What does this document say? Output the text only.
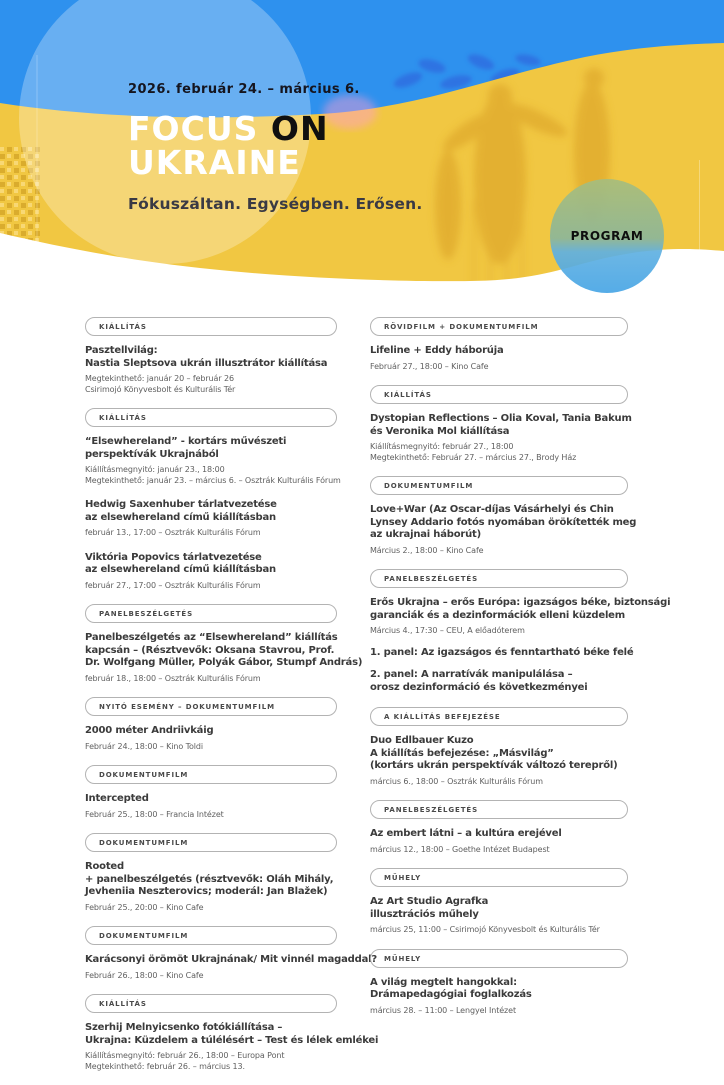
2026. február 24. – március 6.
FOCUS ON
UKRAINE
Fókuszáltan. Egységben. Erősen.
PROGRAM
KIÁLLÍTÁS
Pasztellvilág:
Nastia Sleptsova ukrán illusztrátor kiállítása
Megtekinthető: január 20 – február 26
Csirimojó Könyvesbolt és Kulturális Tér
KIÁLLÍTÁS
“Elsewhereland” - kortárs művészeti
perspektívák Ukrajnából
Kiállításmegnyitó: január 23., 18:00
Megtekinthető: január 23. – március 6. – Osztrák Kulturális Fórum
Hedwig Saxenhuber tárlatvezetése
az elsewhereland című kiállításban
február 13., 17:00 – Osztrák Kulturális Fórum
Viktória Popovics tárlatvezetése
az elsewhereland című kiállításban
február 27., 17:00 – Osztrák Kulturális Fórum
PANELBESZÉLGETÉS
Panelbeszélgetés az “Elsewhereland” kiállítás
kapcsán – (Résztvevők: Oksana Stavrou, Prof.
Dr. Wolfgang Müller, Polyák Gábor, Stumpf András)
február 18., 18:00 – Osztrák Kulturális Fórum
NYITÓ ESEMÉNY – DOKUMENTUMFILM
2000 méter Andriivkáig
Február 24., 18:00 – Kino Toldi
DOKUMENTUMFILM
Intercepted
Február 25., 18:00 – Francia Intézet
DOKUMENTUMFILM
Rooted
+ panelbeszélgetés (résztvevők: Oláh Mihály,
Jevheniia Neszterovics; moderál: Jan Blažek)
Február 25., 20:00 – Kino Cafe
DOKUMENTUMFILM
Karácsonyi örömöt Ukrajnának/ Mit vinnél magaddal?
Február 26., 18:00 – Kino Cafe
KIÁLLÍTÁS
Szerhij Melnyicsenko fotókiállítása –
Ukrajna: Küzdelem a túlélésért – Test és lélek emlékei
Kiállításmegnyitó: február 26., 18:00 – Europa Pont
Megtekinthető: február 26. – március 13.
RÖVIDFILM + DOKUMENTUMFILM
Lifeline + Eddy háborúja
Február 27., 18:00 – Kino Cafe
KIÁLLÍTÁS
Dystopian Reflections – Olia Koval, Tania Bakum
és Veronika Mol kiállítása
Kiállításmegnyitó: február 27., 18:00
Megtekinthető: Február 27. – március 27., Brody Ház
DOKUMENTUMFILM
Love+War (Az Oscar-díjas Vásárhelyi és Chin
Lynsey Addario fotós nyomában örökítették meg
az ukrajnai háborút)
Március 2., 18:00 – Kino Cafe
PANELBESZÉLGETÉS
Erős Ukrajna – erős Európa: igazságos béke, biztonsági
garanciák és a dezinformációk elleni küzdelem
Március 4., 17:30 – CEU, A előadóterem
1. panel: Az igazságos és fenntartható béke felé
2. panel: A narratívák manipulálása –
orosz dezinformáció és következményei
A KIÁLLÍTÁS BEFEJEZÉSE
Duo Edlbauer Kuzo
A kiállítás befejezése: „Másvilág”
(kortárs ukrán perspektívák változó terepről)
március 6., 18:00 – Osztrák Kulturális Fórum
PANELBESZÉLGETÉS
Az embert látni – a kultúra erejével
március 12., 18:00 – Goethe Intézet Budapest
MŰHELY
Az Art Studio Agrafka
illusztrációs műhely
március 25, 11:00 – Csirimojó Könyvesbolt és Kulturális Tér
MŰHELY
A világ megtelt hangokkal:
Drámapedagógiai foglalkozás
március 28. – 11:00 – Lengyel Intézet
